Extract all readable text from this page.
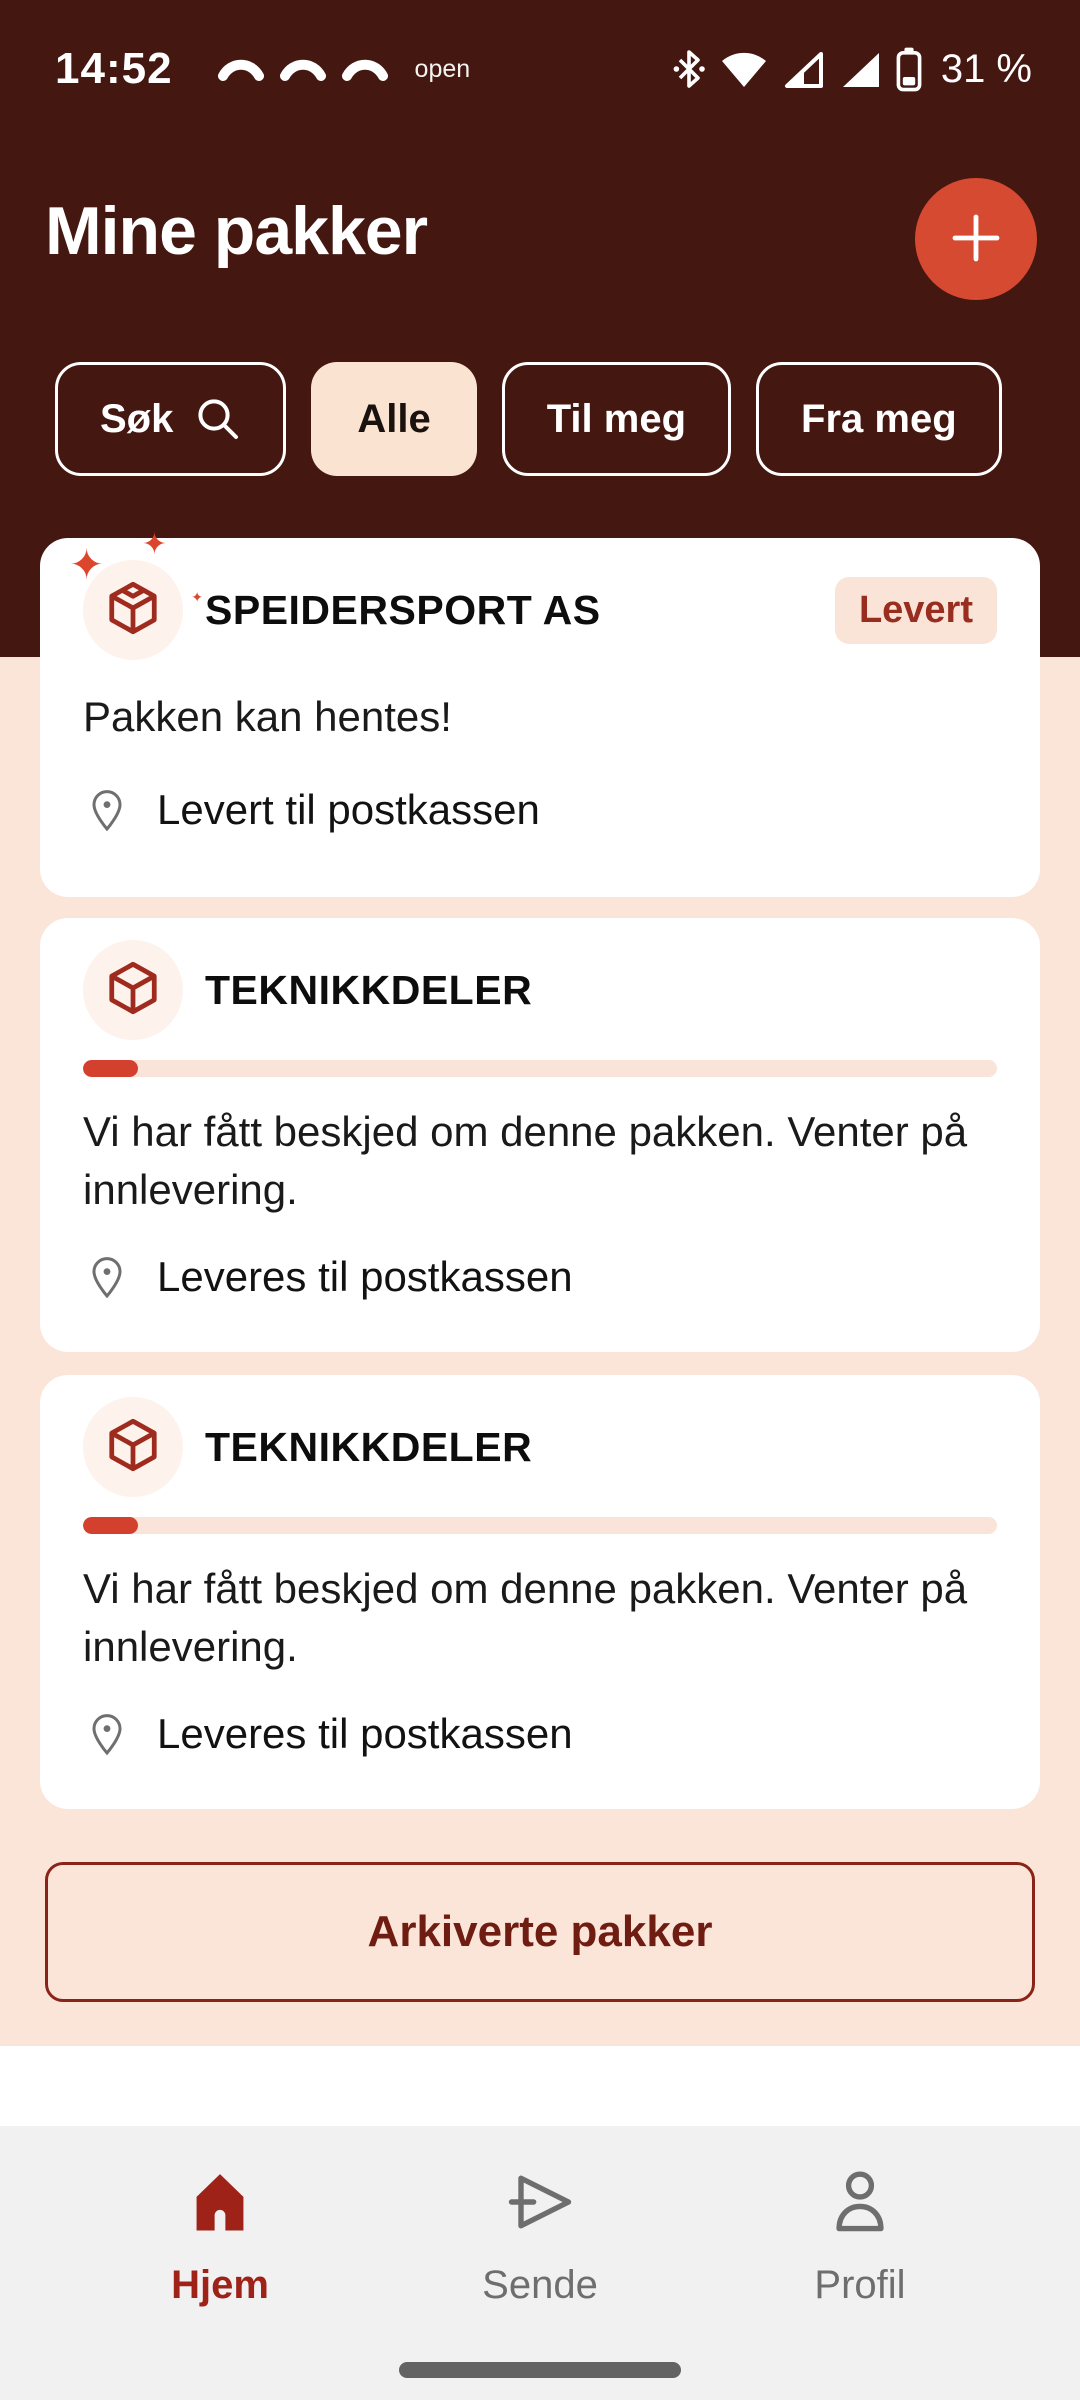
14:52	open	31 %
Mine pakker
Søk	Alle	Til meg	Fra meg
✦ ✦
✦ SPEIDERSPORT AS	Levert
Pakken kan hentes!
Levert til postkassen
TEKNIKKDELER
Vi har fått beskjed om denne pakken. Venter på innlevering.
Leveres til postkassen
TEKNIKKDELER
Vi har fått beskjed om denne pakken. Venter på innlevering.
Leveres til postkassen
Arkiverte pakker
Hjem	Sende	Profil
